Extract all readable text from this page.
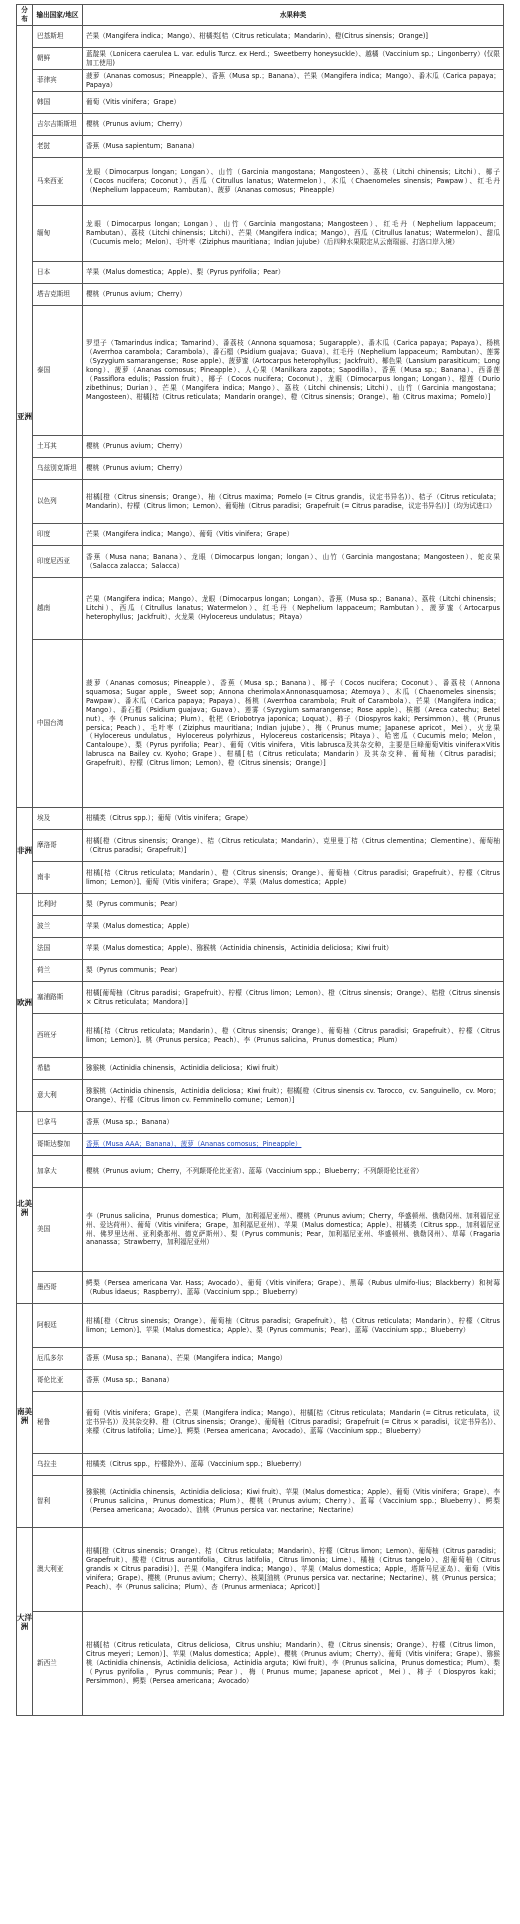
分布	输出国家/地区	水果种类
亚洲	巴基斯坦	芒果（Mangifera indica；Mango）、柑橘类[桔（Citrus reticulata；Mandarin）、橙(Citrus sinensis；Orange)]
	朝鲜	蓝靛果（Lonicera caerulea L. var. edulis Turcz. ex Herd.；Sweetberry honeysuckle）、越橘（Vaccinium sp.；Lingonberry）(仅限加工使用)
	菲律宾	菠萝（Ananas comosus；Pineapple）、香蕉（Musa sp.；Banana）、芒果（Mangifera indica；Mango）、番木瓜（Carica papaya；Papaya）
	韩国	葡萄（Vitis vinifera；Grape）
	吉尔吉斯斯坦	樱桃（Prunus avium；Cherry）
	老挝	香蕉（Musa sapientum；Banana）
	马来西亚	龙眼（Dimocarpus longan；Longan）、山竹（Garcinia mangostana；Mangosteen）、荔枝（Litchi chinensis；Litchi）、椰子（Cocos nucifera；Coconut）、西瓜（Citrullus lanatus；Watermelon）、木瓜（Chaenomeles sinensis；Pawpaw）、红毛丹（Nephelium lappaceum；Rambutan）、菠萝（Ananas comosus；Pineapple）
	缅甸	龙眼（Dimocarpus longan；Longan）、山竹（Garcinia mangostana；Mangosteen）、红毛丹（Nephelium lappaceum；Rambutan）、荔枝（Litchi chinensis；Litchi）、芒果（Mangifera indica；Mango）、西瓜（Citrullus lanatus；Watermelon）、甜瓜（Cucumis melo；Melon）、毛叶枣（Ziziphus mauritiana；Indian jujube）（后四种水果限定从云南瑞丽、打洛口岸入境）
	日本	苹果（Malus domestica；Apple）、梨（Pyrus pyrifolia；Pear）
	塔吉克斯坦	樱桃（Prunus avium；Cherry）
	泰国	罗望子（Tamarindus indica；Tamarind）、番荔枝（Annona squamosa；Sugarapple）、番木瓜（Carica papaya；Papaya）、杨桃（Averrhoa carambola；Carambola）、番石榴（Psidium guajava；Guava）、红毛丹（Nephelium lappaceum；Rambutan）、莲雾（Syzygium samarangense；Rose apple）、菠萝蜜（Artocarpus heterophyllus；Jackfruit）、椰色果（Lansium parasiticum；Long kong）、菠萝（Ananas comosus；Pineapple）、人心果（Manilkara zapota；Sapodilla）、香蕉（Musa sp.；Banana）、西番莲（Passiflora edulis；Passion fruit）、椰子（Cocos nucifera；Coconut）、龙眼（Dimocarpus longan；Longan）、榴莲（Durio zibethinus；Durian）、芒果（Mangifera indica；Mango）、荔枝（Litchi chinensis；Litchi）、山竹（Garcinia mangostana；Mangosteen）、柑橘[桔（Citrus reticulata；Mandarin orange）、橙（Citrus sinensis；Orange）、柚（Citrus maxima；Pomelo）]
	土耳其	樱桃（Prunus avium；Cherry）
	乌兹别克斯坦	樱桃（Prunus avium；Cherry）
	以色列	柑橘[橙（Citrus sinensis；Orange）、柚（Citrus maxima；Pomelo (= Citrus grandis，议定书异名)）、桔子（Citrus reticulata；Mandarin）、柠檬（Citrus limon；Lemon）、葡萄柚（Citrus paradisi；Grapefruit (= Citrus paradise，议定书异名)）]（均为试进口）
	印度	芒果（Mangifera indica；Mango）、葡萄（Vitis vinifera；Grape）
	印度尼西亚	香蕉（Musa nana；Banana）、龙眼（Dimocarpus longan；longan）、山竹（Garcinia mangostana；Mangosteen）、蛇皮果（Salacca zalacca；Salacca）
	越南	芒果（Mangifera indica；Mango）、龙眼（Dimocarpus longan；Longan）、香蕉（Musa sp.；Banana）、荔枝（Litchi chinensis；Litchi）、西瓜（Citrullus lanatus；Watermelon）、红毛丹（Nephelium lappaceum；Rambutan）、菠萝蜜（Artocarpus heterophyllus；Jackfruit）、火龙果（Hylocereus undulatus；Pitaya）
	中国台湾	菠萝（Ananas comosus；Pineapple）、香蕉（Musa sp.；Banana）、椰子（Cocos nucifera；Coconut）、番荔枝（Annona squamosa；Sugar apple，Sweet sop；Annona cherimola×Annonasquamosa；Atemoya）、木瓜（Chaenomeles sinensis；Pawpaw）、番木瓜（Carica papaya；Papaya）、杨桃（Averrhoa carambola；Fruit of Carambola）、芒果（Mangifera indica；Mango）、番石榴（Psidium guajava；Guava）、莲雾（Syzygium samarangense；Rose apple）、槟榔（Areca catechu；Betel nut）、李（Prunus salicina；Plum）、枇杷（Eriobotrya japonica；Loquat）、柿子（Diospyros kaki；Persimmon）、桃（Prunus persica；Peach）、毛叶枣（Ziziphus mauritiana；Indian jujube）、梅（Prunus mume；Japanese apricot，Mei）、火龙果（Hylocereus undulatus，Hylocereus polyrhizus，Hylocereus costaricensis；Pitaya）、哈密瓜（Cucumis melo；Melon，Cantaloupe）、梨（Pyrus pyrifolia；Pear）、葡萄（Vitis vinifera，Vitis labrusca及其杂交种，主要是巨峰葡萄Vitis vinifera×Vitis labrusca na Bailey cv. Kyoho；Grape）、柑橘[桔（Citrus reticulata；Mandarin）及其杂交种、葡萄柚（Citrus paradisi；Grapefruit）、柠檬（Citrus limon；Lemon）、橙（Citrus sinensis；Orange）]
非洲	埃及	柑橘类（Citrus spp.）；葡萄（Vitis vinifera；Grape）
	摩洛哥	柑橘[橙（Citrus sinensis；Orange）、桔（Citrus reticulata；Mandarin）、克里曼丁桔（Citrus clementina；Clementine）、葡萄柚（Citrus paradisi；Grapefruit）]
	南非	柑橘[桔（Citrus reticulata；Mandarin）、橙（Citrus sinensis；Orange）、葡萄柚（Citrus paradisi；Grapefruit）、柠檬（Citrus limon；Lemon）]、葡萄（Vitis vinifera；Grape）、苹果（Malus domestica；Apple）
欧洲	比利时	梨（Pyrus communis；Pear）
	波兰	苹果（Malus domestica；Apple）
	法国	苹果（Malus domestica；Apple）、猕猴桃（Actinidia chinensis，Actinidia deliciosa；Kiwi fruit）
	荷兰	梨（Pyrus communis；Pear）
	塞浦路斯	柑橘[葡萄柚（Citrus paradisi；Grapefruit）、柠檬（Citrus limon；Lemon）、橙（Citrus sinensis；Orange）、桔橙（Citrus sinensis × Citrus reticulata；Mandora）]
	西班牙	柑橘[桔（Citrus reticulata；Mandarin）、橙（Citrus sinensis；Orange）、葡萄柚（Citrus paradisi；Grapefruit）、柠檬（Citrus limon；Lemon）]、桃（Prunus persica；Peach）、李（Prunus salicina，Prunus domestica；Plum）
	希腊	猕猴桃（Actinidia chinensis，Actinidia deliciosa；Kiwi fruit）
	意大利	猕猴桃（Actinidia chinensis，Actinidia deliciosa；Kiwi fruit）；柑橘[橙（Citrus sinensis cv. Tarocco，cv. Sanguinello，cv. Moro；Orange）、柠檬（Citrus limon cv. Femminello comune；Lemon）]
北美洲	巴拿马	香蕉（Musa sp.；Banana）
	哥斯达黎加	香蕉（Musa AAA；Banana）、菠萝（Ananas comosus；Pineapple）
	加拿大	樱桃（Prunus avium；Cherry，不列颠哥伦比亚省）、蓝莓（Vaccinium spp.；Blueberry；不列颠哥伦比亚省）
	美国	李（Prunus salicina，Prunus domestica；Plum，加利福尼亚州）、樱桃（Prunus avium；Cherry，华盛顿州、俄勒冈州、加利福尼亚州、爱达荷州）、葡萄（Vitis vinifera；Grape，加利福尼亚州）、苹果（Malus domestica；Apple）、柑橘类（Citrus spp.，加利福尼亚州、佛罗里达州、亚利桑那州、德克萨斯州）、梨（Pyrus communis；Pear，加利福尼亚州、华盛顿州、俄勒冈州）、草莓（Fragaria ananassa；Strawberry，加利福尼亚州）
	墨西哥	鳄梨（Persea americana Var. Hass；Avocado）、葡萄（Vitis vinifera；Grape）、黑莓（Rubus ulmifo-lius；Blackberry）和树莓（Rubus idaeus；Raspberry）、蓝莓（Vaccinium spp.；Blueberry）
南美洲	阿根廷	柑橘[橙（Citrus sinensis；Orange）、葡萄柚（Citrus paradisi；Grapefruit）、桔（Citrus reticulata；Mandarin）、柠檬（Citrus limon；Lemon）]、苹果（Malus domestica；Apple）、梨（Pyrus communis；Pear）、蓝莓（Vaccinium spp.；Blueberry）
	厄瓜多尔	香蕉（Musa sp.；Banana）、芒果（Mangifera indica；Mango）
	哥伦比亚	香蕉（Musa sp.；Banana）
	秘鲁	葡萄（Vitis vinifera；Grape）、芒果（Mangifera indica；Mango）、柑橘[桔（Citrus reticulata；Mandarin (= Citrus reticulata，议定书异名)）及其杂交种、橙（Citrus sinensis；Orange）、葡萄柚（Citrus paradisi；Grapefruit (= Citrus × paradisi，议定书异名)）、来檬（Citrus latifolia；Lime）]、鳄梨（Persea americana；Avocado）、蓝莓（Vaccinium spp.；Blueberry）
	乌拉圭	柑橘类（Citrus spp.，柠檬除外）、蓝莓（Vaccinium spp.；Blueberry）
	智利	猕猴桃（Actinidia chinensis，Actinidia deliciosa；Kiwi fruit）、苹果（Malus domestica；Apple）、葡萄（Vitis vinifera；Grape）、李（Prunus salicina，Prunus domestica；Plum）、樱桃（Prunus avium；Cherry）、蓝莓（Vaccinium spp.；Blueberry）、鳄梨（Persea americana；Avocado）、油桃（Prunus persica var. nectarine；Nectarine）
大洋洲	澳大利亚	柑橘[橙（Citrus sinensis；Orange）、桔（Citrus reticulata；Mandarin）、柠檬（Citrus limon；Lemon）、葡萄柚（Citrus paradisi；Grapefruit）、酸橙（Citrus aurantifolia，Citrus latifolia，Citrus limonia；Lime）、橘柚（Citrus tangelo）、甜葡萄柚（Citrus grandis × Citrus paradisi）]、芒果（Mangifera indica；Mango）、苹果（Malus domestica；Apple，塔斯马尼亚岛）、葡萄（Vitis vinifera；Grape）、樱桃（Prunus avium；Cherry）、核果[油桃（Prunus persica var. nectarine；Nectarine）、桃（Prunus persica；Peach）、李（Prunus salicina；Plum）、杏（Prunus armeniaca；Apricot）]
	新西兰	柑橘[桔（Citrus reticulata，Citrus deliciosa，Citrus unshiu；Mandarin）、橙（Citrus sinensis；Orange）、柠檬（Citrus limon，Citrus meyeri；Lemon）]、苹果（Malus domestica；Apple）、樱桃（Prunus avium；Cherry）、葡萄（Vitis vinifera；Grape）、猕猴桃（Actinidia chinensis，Actinidia deliciosa，Actinidia arguta；Kiwi fruit）、李（Prunus salicina，Prunus domestica；Plum）、梨（Pyrus pyrifolia，Pyrus communis；Pear）、梅（Prunus mume；Japanese apricot，Mei）、柿子（Diospyros kaki；Persimmon）、鳄梨（Persea americana；Avocado）
